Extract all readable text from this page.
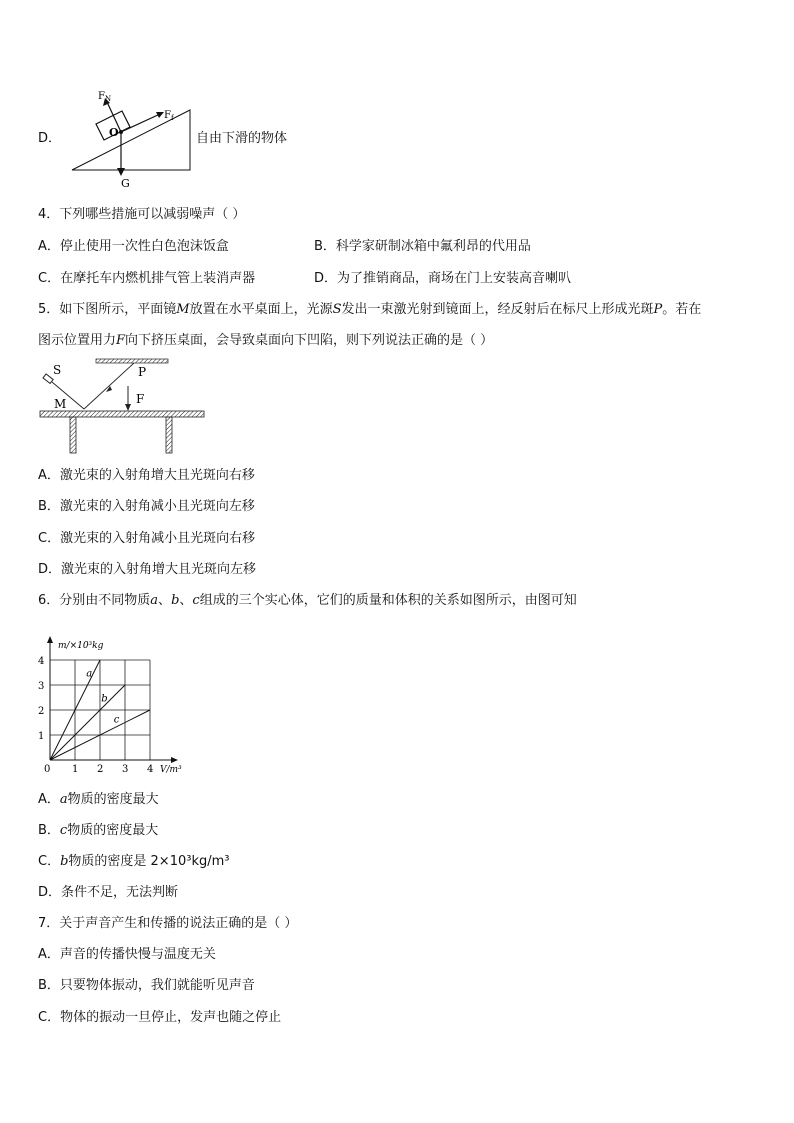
D．
$F_N$
$F_f$
O
G
自由下滑的物体
4．下列哪些措施可以减弱噪声（ ）
A．停止使用一次性白色泡沫饭盒	B．科学家研制冰箱中氟利昂的代用品
C．在摩托车内燃机排气管上装消声器	D．为了推销商品，商场在门上安装高音喇叭
5．如下图所示，平面镜M放置在水平桌面上，光源S发出一束激光射到镜面上，经反射后在标尺上形成光斑P。若在
图示位置用力F向下挤压桌面，会导致桌面向下凹陷，则下列说法正确的是（ ）
S	P
M	F
A．激光束的入射角增大且光斑向右移
B．激光束的入射角减小且光斑向左移
C．激光束的入射角减小且光斑向右移
D．激光束的入射角增大且光斑向左移
6．分别由不同物质a、b、c组成的三个实心体，它们的质量和体积的关系如图所示，由图可知
0 1 2 3 4
1
2
3
4
m/×10³kg
V/m³
a
b
c
A．a物质的密度最大
B．c物质的密度最大
C．b物质的密度是 2×10³kg/m³
D．条件不足，无法判断
7．关于声音产生和传播的说法正确的是（ ）
A．声音的传播快慢与温度无关
B．只要物体振动，我们就能听见声音
C．物体的振动一旦停止，发声也随之停止
